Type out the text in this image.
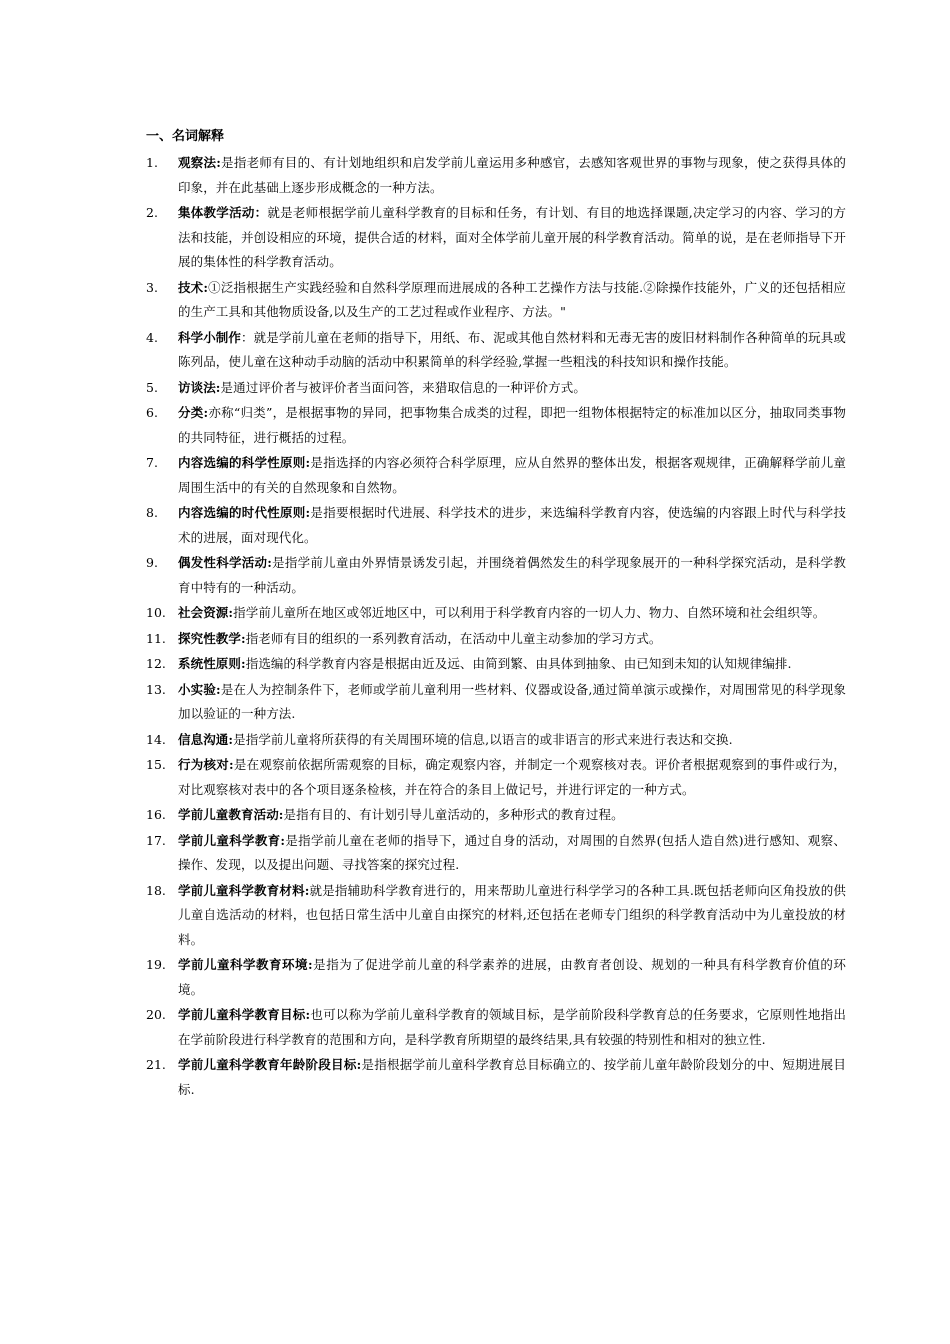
一、名词解释
1.	观察法:是指老师有目的、有计划地组织和启发学前儿童运用多种感官，去感知客观世界的事物与现象，使之获得具体的印象，并在此基础上逐步形成概念的一种方法。
2.	集体教学活动：就是老师根据学前儿童科学教育的目标和任务，有计划、有目的地选择课题,决定学习的内容、学习的方法和技能，并创设相应的环境，提供合适的材料，面对全体学前儿童开展的科学教育活动。简单的说，是在老师指导下开展的集体性的科学教育活动。
3.	技术:①泛指根据生产实践经验和自然科学原理而进展成的各种工艺操作方法与技能.②除操作技能外，广义的还包括相应的生产工具和其他物质设备,以及生产的工艺过程或作业程序、方法。"
4.	科学小制作：就是学前儿童在老师的指导下，用纸、布、泥或其他自然材料和无毒无害的废旧材料制作各种简单的玩具或陈列品，使儿童在这种动手动脑的活动中积累简单的科学经验,掌握一些粗浅的科技知识和操作技能。
5.	访谈法:是通过评价者与被评价者当面问答，来猎取信息的一种评价方式。
6.	分类:亦称“归类”，是根据事物的异同，把事物集合成类的过程，即把一组物体根据特定的标准加以区分，抽取同类事物的共同特征，进行概括的过程。
7.	内容选编的科学性原则:是指选择的内容必须符合科学原理，应从自然界的整体出发，根据客观规律，正确解释学前儿童周围生活中的有关的自然现象和自然物。
8.	内容选编的时代性原则:是指要根据时代进展、科学技术的进步，来选编科学教育内容，使选编的内容跟上时代与科学技术的进展，面对现代化。
9.	偶发性科学活动:是指学前儿童由外界情景诱发引起，并围绕着偶然发生的科学现象展开的一种科学探究活动，是科学教育中特有的一种活动。
10. 社会资源:指学前儿童所在地区或邻近地区中，可以利用于科学教育内容的一切人力、物力、自然环境和社会组织等。
11. 探究性教学:指老师有目的组织的一系列教育活动，在活动中儿童主动参加的学习方式。
12. 系统性原则:指选编的科学教育内容是根据由近及远、由简到繁、由具体到抽象、由已知到未知的认知规律编排.
13. 小实验:是在人为控制条件下，老师或学前儿童利用一些材料、仪器或设备,通过简单演示或操作，对周围常见的科学现象加以验证的一种方法.
14. 信息沟通:是指学前儿童将所获得的有关周围环境的信息,以语言的或非语言的形式来进行表达和交换.
15. 行为核对:是在观察前依据所需观察的目标，确定观察内容，并制定一个观察核对表。评价者根据观察到的事件或行为，对比观察核对表中的各个项目逐条检核，并在符合的条目上做记号，并进行评定的一种方式。
16. 学前儿童教育活动:是指有目的、有计划引导儿童活动的，多种形式的教育过程。
17. 学前儿童科学教育:是指学前儿童在老师的指导下，通过自身的活动，对周围的自然界(包括人造自然)进行感知、观察、操作、发现，以及提出问题、寻找答案的探究过程.
18. 学前儿童科学教育材料:就是指辅助科学教育进行的，用来帮助儿童进行科学学习的各种工具.既包括老师向区角投放的供儿童自选活动的材料，也包括日常生活中儿童自由探究的材料,还包括在老师专门组织的科学教育活动中为儿童投放的材料。
19. 学前儿童科学教育环境:是指为了促进学前儿童的科学素养的进展，由教育者创设、规划的一种具有科学教育价值的环境。
20. 学前儿童科学教育目标:也可以称为学前儿童科学教育的领域目标，是学前阶段科学教育总的任务要求，它原则性地指出在学前阶段进行科学教育的范围和方向，是科学教育所期望的最终结果,具有较强的特别性和相对的独立性.
21. 学前儿童科学教育年龄阶段目标:是指根据学前儿童科学教育总目标确立的、按学前儿童年龄阶段划分的中、短期进展目标.
